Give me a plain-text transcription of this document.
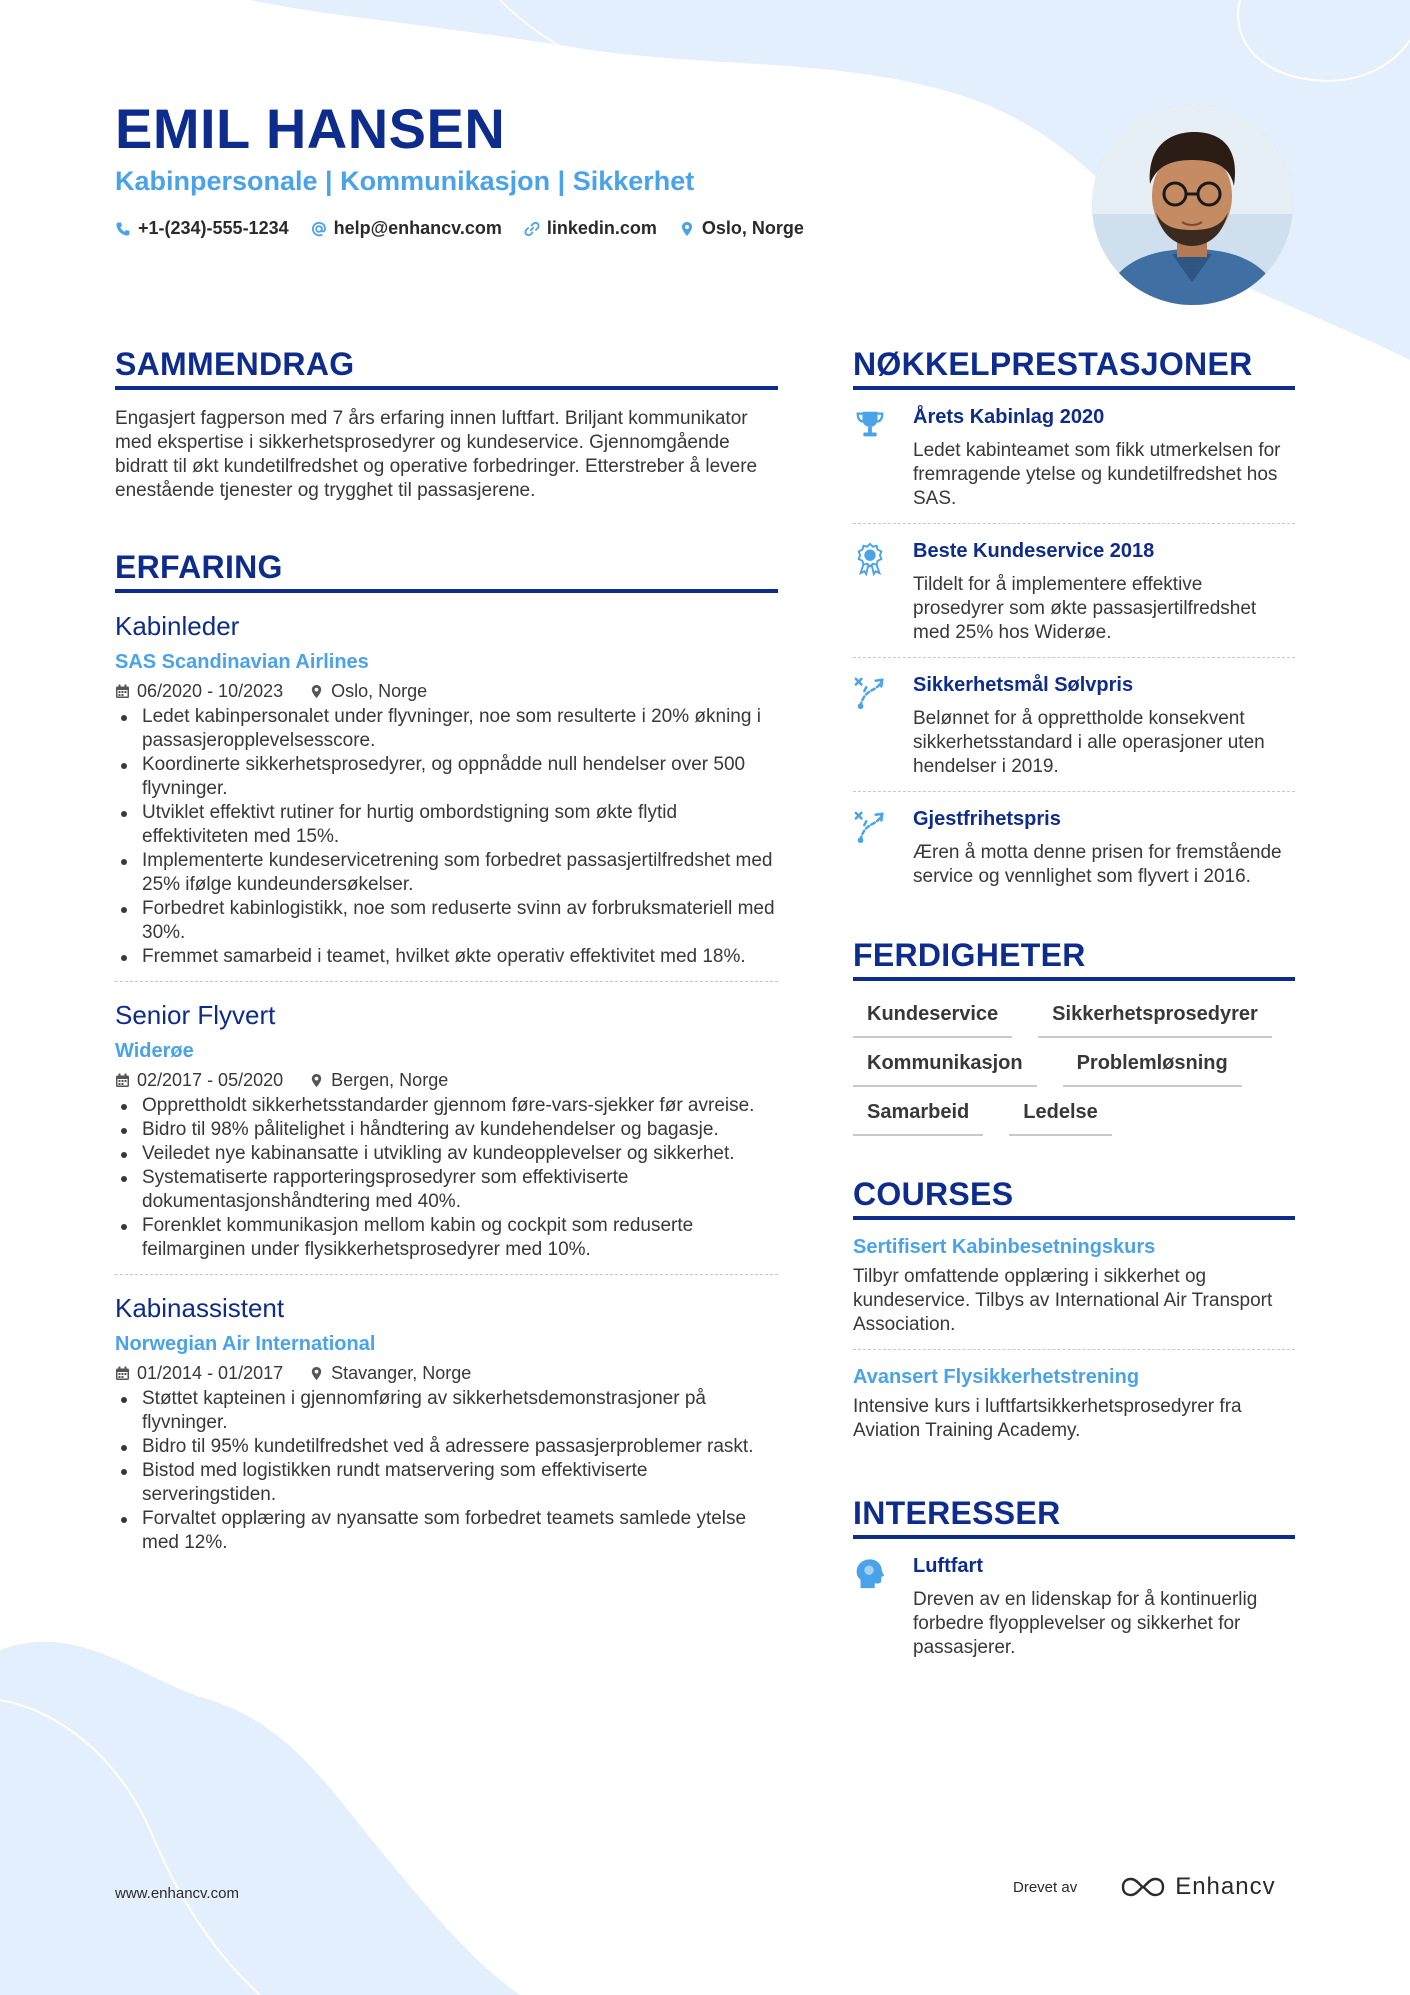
EMIL HANSEN
Kabinpersonale | Kommunikasjon | Sikkerhet
+1-(234)-555-1234	help@enhancv.com	linkedin.com	Oslo, Norge
SAMMENDRAG
Engasjert fagperson med 7 års erfaring innen luftfart. Briljant kommunikator med ekspertise i sikkerhetsprosedyrer og kundeservice. Gjennomgående bidratt til økt kundetilfredshet og operative forbedringer. Etterstreber å levere enestående tjenester og trygghet til passasjerene.
ERFARING
Kabinleder
SAS Scandinavian Airlines
06/2020 - 10/2023	Oslo, Norge
Ledet kabinpersonalet under flyvninger, noe som resulterte i 20% økning i passasjeropplevelsesscore.
Koordinerte sikkerhetsprosedyrer, og oppnådde null hendelser over 500 flyvninger.
Utviklet effektivt rutiner for hurtig ombordstigning som økte flytid effektiviteten med 15%.
Implementerte kundeservicetrening som forbedret passasjertilfredshet med 25% ifølge kundeundersøkelser.
Forbedret kabinlogistikk, noe som reduserte svinn av forbruksmateriell med 30%.
Fremmet samarbeid i teamet, hvilket økte operativ effektivitet med 18%.
Senior Flyvert
Widerøe
02/2017 - 05/2020	Bergen, Norge
Opprettholdt sikkerhetsstandarder gjennom føre-vars-sjekker før avreise.
Bidro til 98% pålitelighet i håndtering av kundehendelser og bagasje.
Veiledet nye kabinansatte i utvikling av kundeopplevelser og sikkerhet.
Systematiserte rapporteringsprosedyrer som effektiviserte dokumentasjonshåndtering med 40%.
Forenklet kommunikasjon mellom kabin og cockpit som reduserte feilmarginen under flysikkerhetsprosedyrer med 10%.
Kabinassistent
Norwegian Air International
01/2014 - 01/2017	Stavanger, Norge
Støttet kapteinen i gjennomføring av sikkerhetsdemonstrasjoner på flyvninger.
Bidro til 95% kundetilfredshet ved å adressere passasjerproblemer raskt.
Bistod med logistikken rundt matservering som effektiviserte serveringstiden.
Forvaltet opplæring av nyansatte som forbedret teamets samlede ytelse med 12%.
NØKKELPRESTASJONER
Årets Kabinlag 2020
Ledet kabinteamet som fikk utmerkelsen for fremragende ytelse og kundetilfredshet hos SAS.
Beste Kundeservice 2018
Tildelt for å implementere effektive prosedyrer som økte passasjertilfredshet med 25% hos Widerøe.
Sikkerhetsmål Sølvpris
Belønnet for å opprettholde konsekvent sikkerhetsstandard i alle operasjoner uten hendelser i 2019.
Gjestfrihetspris
Æren å motta denne prisen for fremstående service og vennlighet som flyvert i 2016.
FERDIGHETER
Kundeservice	Sikkerhetsprosedyrer
Kommunikasjon	Problemløsning
Samarbeid	Ledelse
COURSES
Sertifisert Kabinbesetningskurs
Tilbyr omfattende opplæring i sikkerhet og kundeservice. Tilbys av International Air Transport Association.
Avansert Flysikkerhetstrening
Intensive kurs i luftfartsikkerhetsprosedyrer fra Aviation Training Academy.
INTERESSER
Luftfart
Dreven av en lidenskap for å kontinuerlig forbedre flyopplevelser og sikkerhet for passasjerer.
www.enhancv.com	Drevet av	Enhancv
